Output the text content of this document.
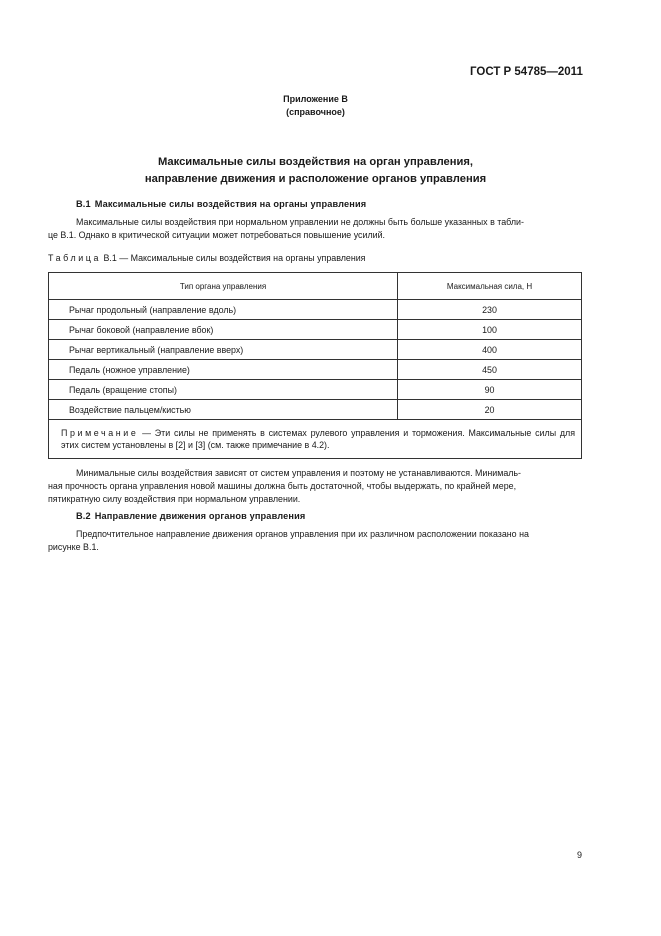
ГОСТ Р 54785—2011
Приложение В
(справочное)
Максимальные силы воздействия на орган управления,
направление движения и расположение органов управления
В.1 Максимальные силы воздействия на органы управления
Максимальные силы воздействия при нормальном управлении не должны быть больше указанных в табли-
це В.1. Однако в критической ситуации может потребоваться повышение усилий.
Таблица В.1 — Максимальные силы воздействия на органы управления
Тип органа управления	Максимальная сила, Н
Рычаг продольный (направление вдоль)	230
Рычаг боковой (направление вбок)	100
Рычаг вертикальный (направление вверх)	400
Педаль (ножное управление)	450
Педаль (вращение стопы)	90
Воздействие пальцем/кистью	20
Примечание — Эти силы не применять в системах рулевого управления и торможения. Максимальные силы для этих систем установлены в [2] и [3] (см. также примечание в 4.2).	
Минимальные силы воздействия зависят от систем управления и поэтому не устанавливаются. Минималь-
ная прочность органа управления новой машины должна быть достаточной, чтобы выдержать, по крайней мере,
пятикратную силу воздействия при нормальном управлении.
В.2 Направление движения органов управления
Предпочтительное направление движения органов управления при их различном расположении показано на
рисунке В.1.
9
